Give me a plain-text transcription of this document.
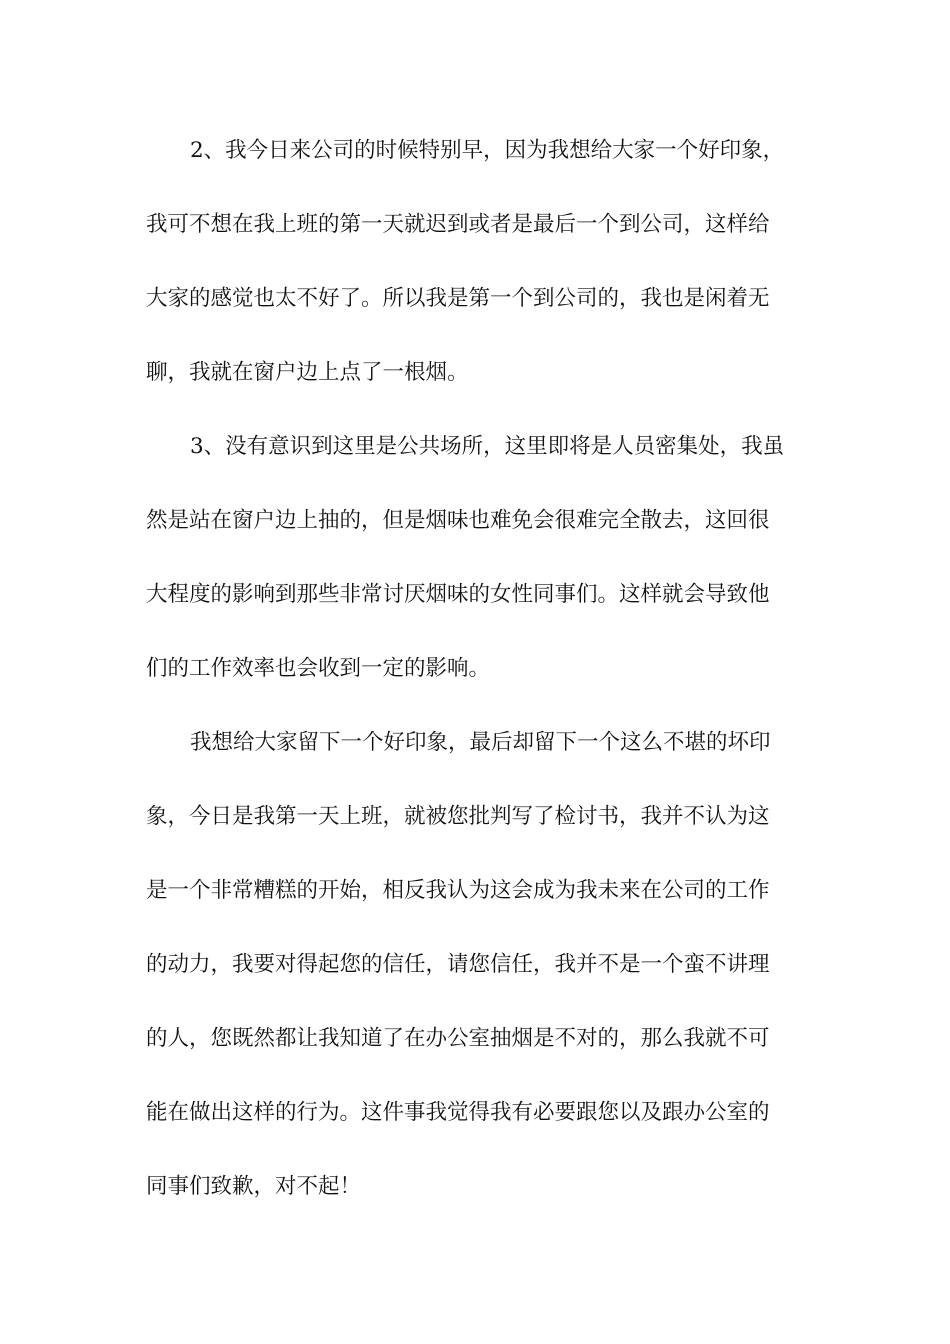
2、我今日来公司的时候特别早，因为我想给大家一个好印象，
我可不想在我上班的第一天就迟到或者是最后一个到公司，这样给
大家的感觉也太不好了。所以我是第一个到公司的，我也是闲着无
聊，我就在窗户边上点了一根烟。
3、没有意识到这里是公共场所，这里即将是人员密集处，我虽
然是站在窗户边上抽的，但是烟味也难免会很难完全散去，这回很
大程度的影响到那些非常讨厌烟味的女性同事们。这样就会导致他
们的工作效率也会收到一定的影响。
我想给大家留下一个好印象，最后却留下一个这么不堪的坏印
象，今日是我第一天上班，就被您批判写了检讨书，我并不认为这
是一个非常糟糕的开始，相反我认为这会成为我未来在公司的工作
的动力，我要对得起您的信任，请您信任，我并不是一个蛮不讲理
的人，您既然都让我知道了在办公室抽烟是不对的，那么我就不可
能在做出这样的行为。这件事我觉得我有必要跟您以及跟办公室的
同事们致歉，对不起！
